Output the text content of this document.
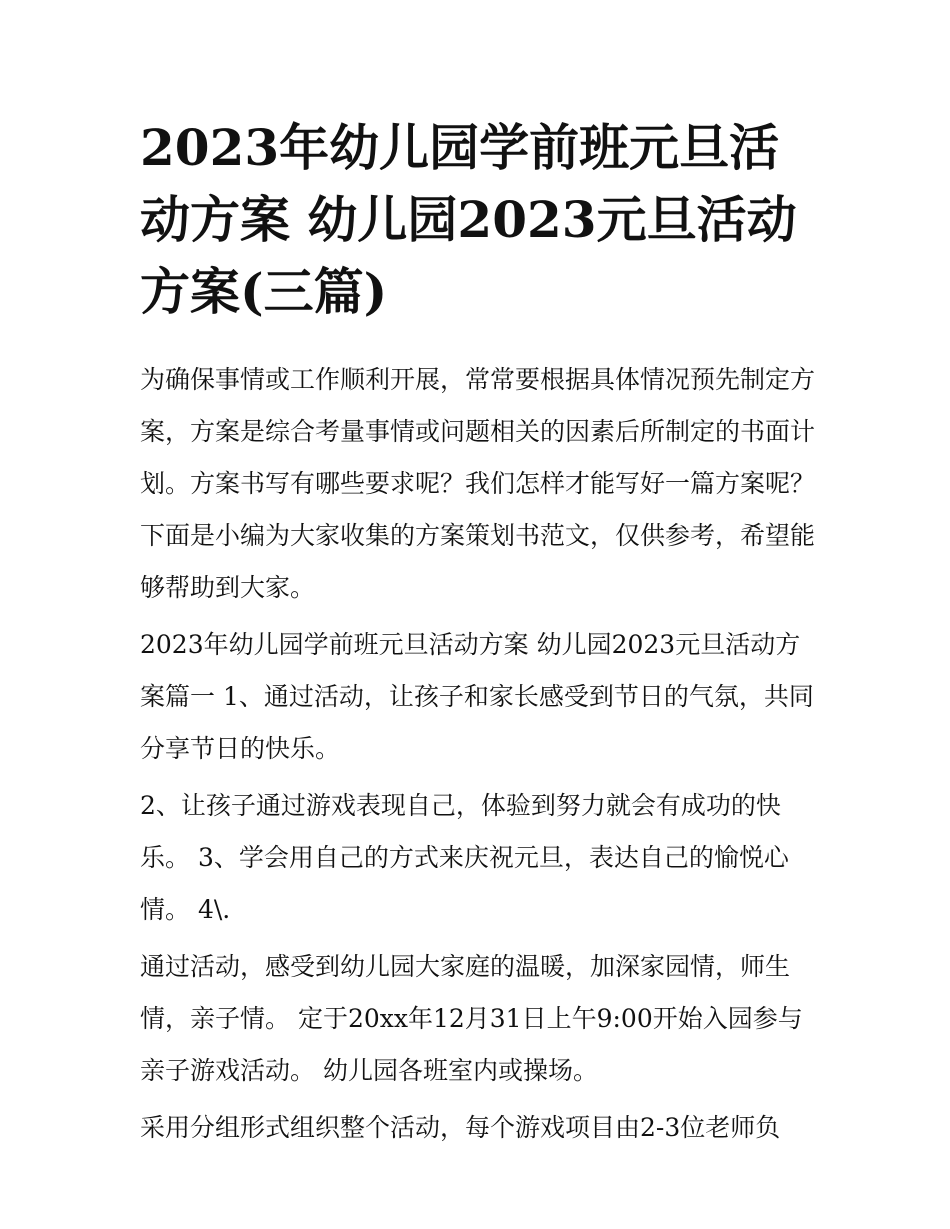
2023年幼儿园学前班元旦活动方案 幼儿园2023元旦活动方案(三篇)

为确保事情或工作顺利开展，常常要根据具体情况预先制定方案，方案是综合考量事情或问题相关的因素后所制定的书面计划。方案书写有哪些要求呢？我们怎样才能写好一篇方案呢？下面是小编为大家收集的方案策划书范文，仅供参考，希望能够帮助到大家。

2023年幼儿园学前班元旦活动方案 幼儿园2023元旦活动方案篇一 1、通过活动，让孩子和家长感受到节日的气氛，共同分享节日的快乐。

2、让孩子通过游戏表现自己，体验到努力就会有成功的快乐。 3、学会用自己的方式来庆祝元旦，表达自己的愉悦心情。 4\.

通过活动，感受到幼儿园大家庭的温暖，加深家园情，师生情，亲子情。 定于20xx年12月31日上午9:00开始入园参与亲子游戏活动。 幼儿园各班室内或操场。

采用分组形式组织整个活动，每个游戏项目由2-3位老师负
